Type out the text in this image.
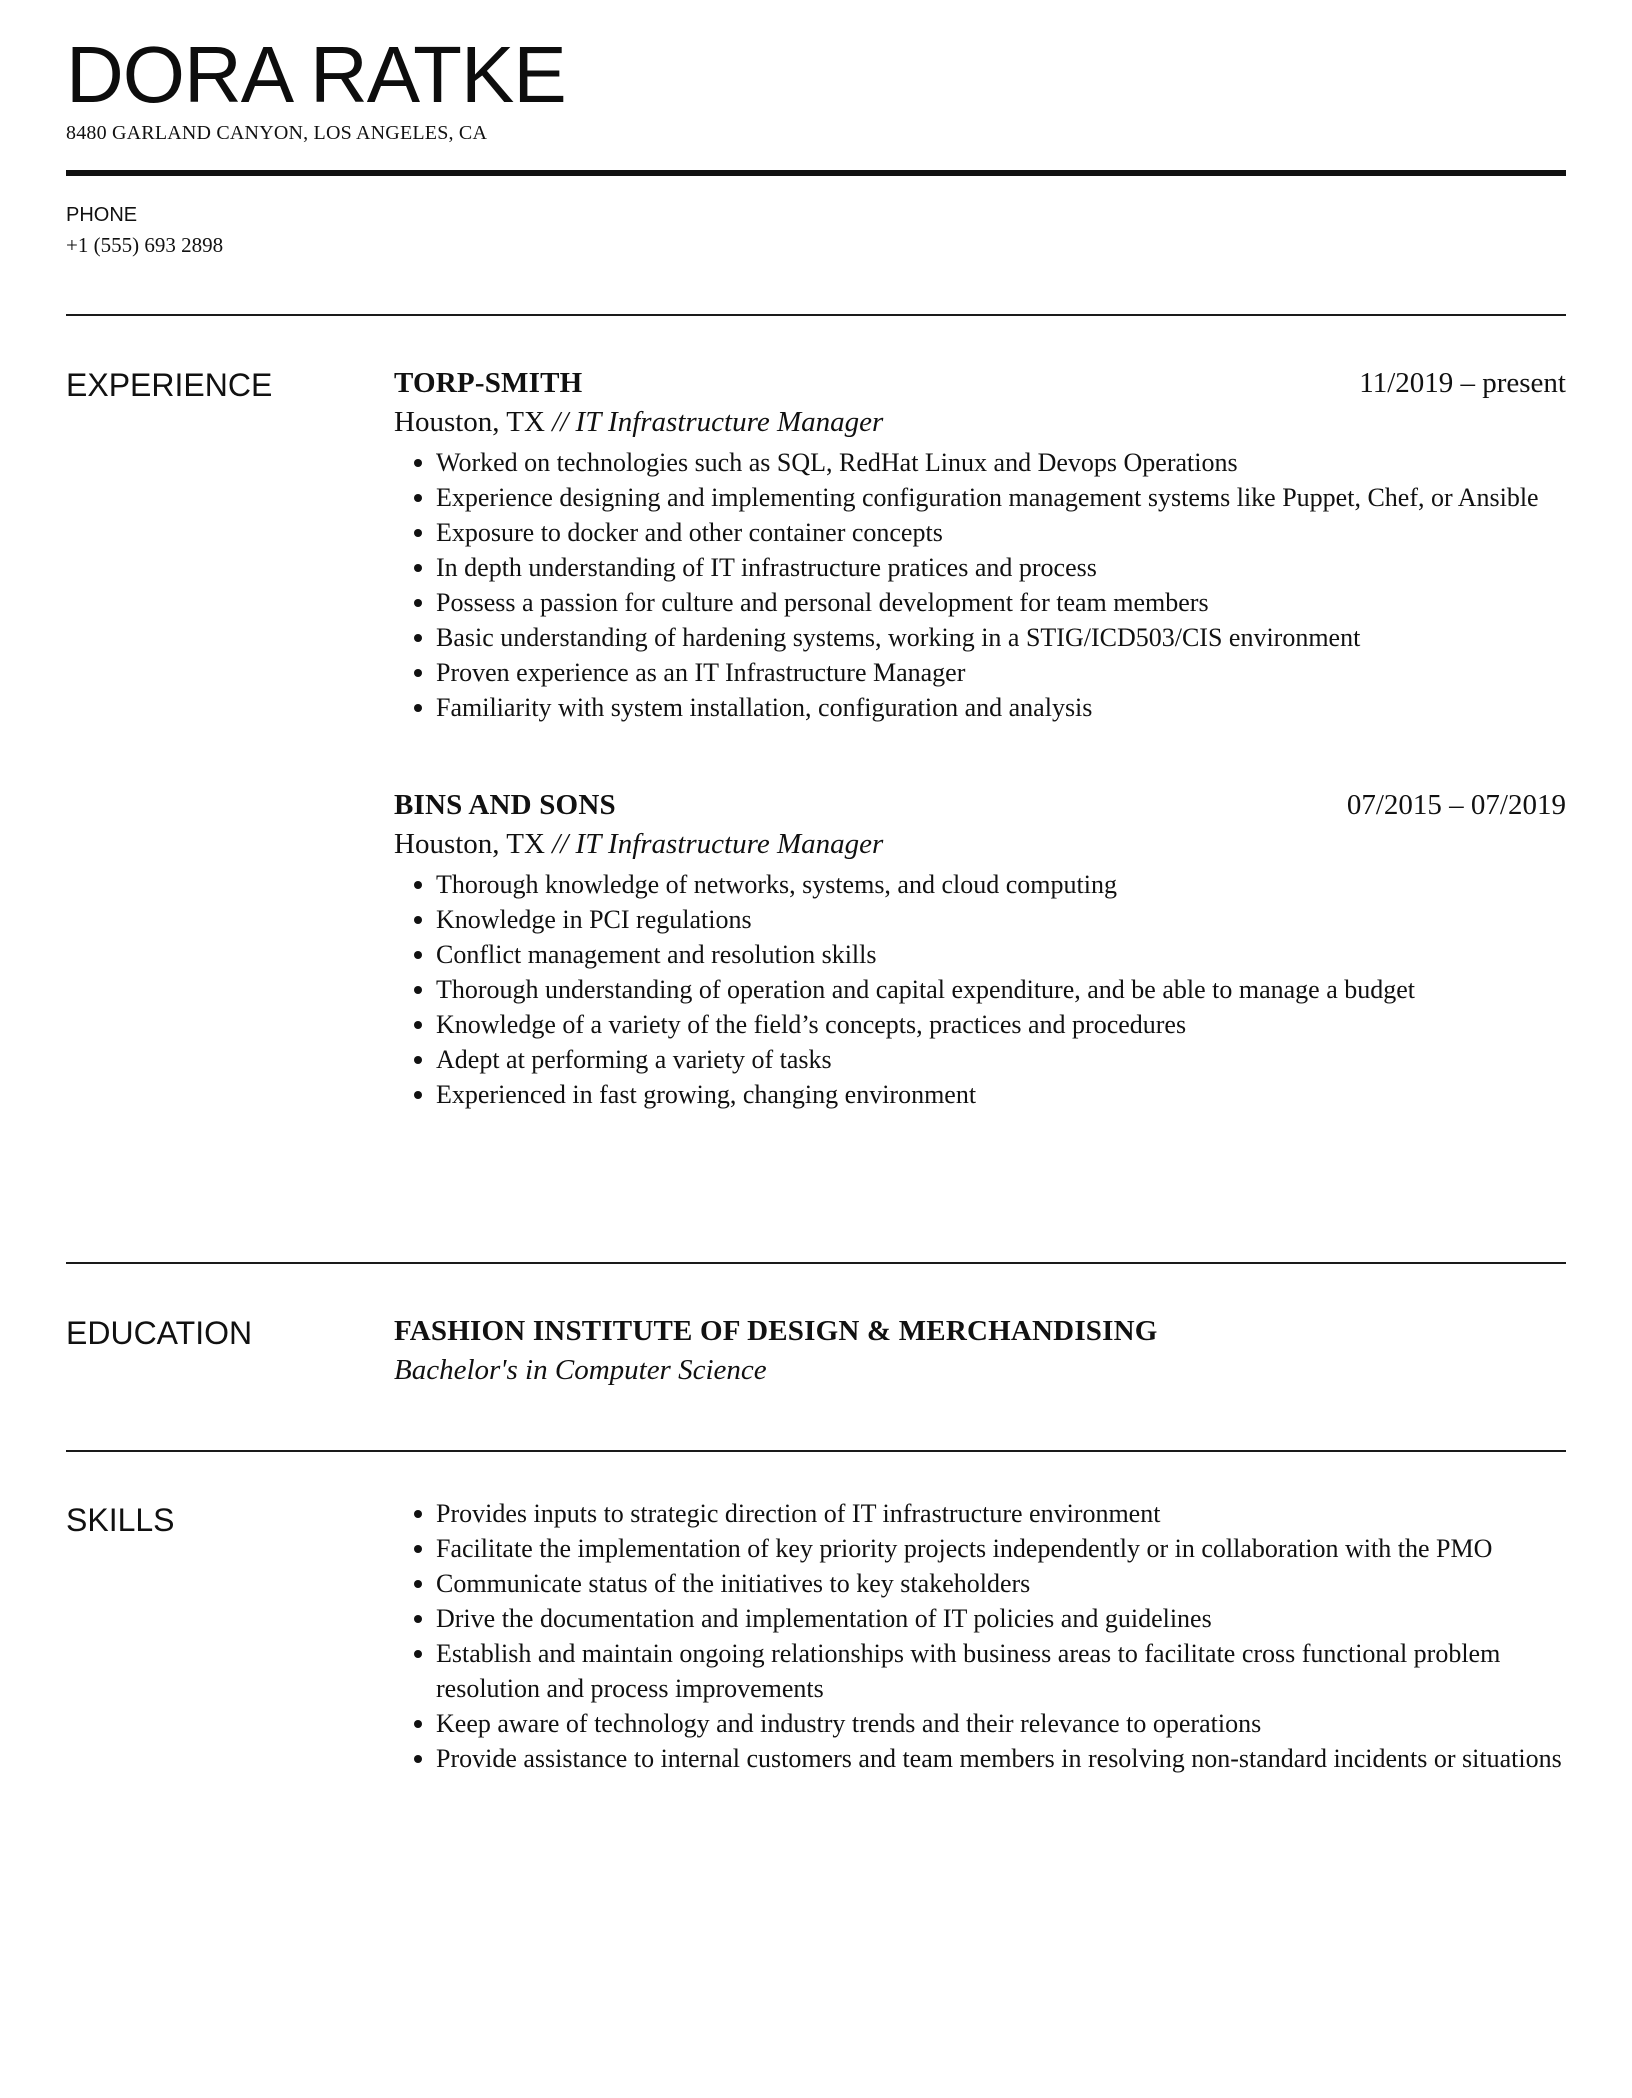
DORA RATKE
8480 GARLAND CANYON, LOS ANGELES, CA
PHONE
+1 (555) 693 2898
EXPERIENCE	TORP-SMITH	11/2019 – present
Houston, TX // IT Infrastructure Manager
Worked on technologies such as SQL, RedHat Linux and Devops Operations
Experience designing and implementing configuration management systems like Puppet, Chef, or Ansible
Exposure to docker and other container concepts
In depth understanding of IT infrastructure pratices and process
Possess a passion for culture and personal development for team members
Basic understanding of hardening systems, working in a STIG/ICD503/CIS environment
Proven experience as an IT Infrastructure Manager
Familiarity with system installation, configuration and analysis
BINS AND SONS	07/2015 – 07/2019
Houston, TX // IT Infrastructure Manager
Thorough knowledge of networks, systems, and cloud computing
Knowledge in PCI regulations
Conflict management and resolution skills
Thorough understanding of operation and capital expenditure, and be able to manage a budget
Knowledge of a variety of the field’s concepts, practices and procedures
Adept at performing a variety of tasks
Experienced in fast growing, changing environment
EDUCATION	FASHION INSTITUTE OF DESIGN & MERCHANDISING
Bachelor's in Computer Science
SKILLS	Provides inputs to strategic direction of IT infrastructure environment
Facilitate the implementation of key priority projects independently or in collaboration with the PMO
Communicate status of the initiatives to key stakeholders
Drive the documentation and implementation of IT policies and guidelines
Establish and maintain ongoing relationships with business areas to facilitate cross functional problem resolution and process improvements
Keep aware of technology and industry trends and their relevance to operations
Provide assistance to internal customers and team members in resolving non-standard incidents or situations
